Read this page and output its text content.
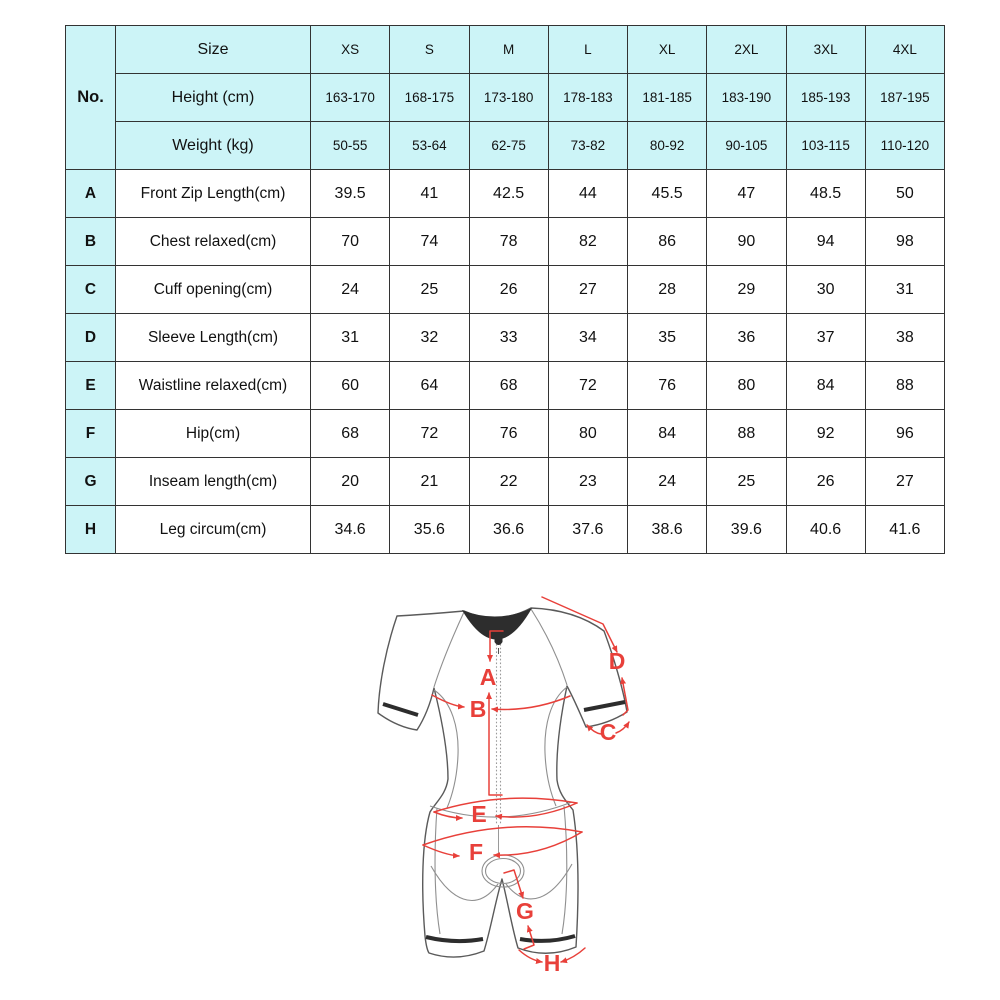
No.	Size	XS	S	M	L	XL	2XL	3XL	4XL
	Height (cm)	163-170	168-175	173-180	178-183	181-185	183-190	185-193	187-195
	Weight (kg)	50-55	53-64	62-75	73-82	80-92	90-105	103-115	110-120
A	Front Zip Length(cm)	39.5	41	42.5	44	45.5	47	48.5	50
B	Chest relaxed(cm)	70	74	78	82	86	90	94	98
C	Cuff opening(cm)	24	25	26	27	28	29	30	31
D	Sleeve Length(cm)	31	32	33	34	35	36	37	38
E	Waistline relaxed(cm)	60	64	68	72	76	80	84	88
F	Hip(cm)	68	72	76	80	84	88	92	96
G	Inseam length(cm)	20	21	22	23	24	25	26	27
H	Leg circum(cm)	34.6	35.6	36.6	37.6	38.6	39.6	40.6	41.6
A
B
C
D
E
F
G
H
